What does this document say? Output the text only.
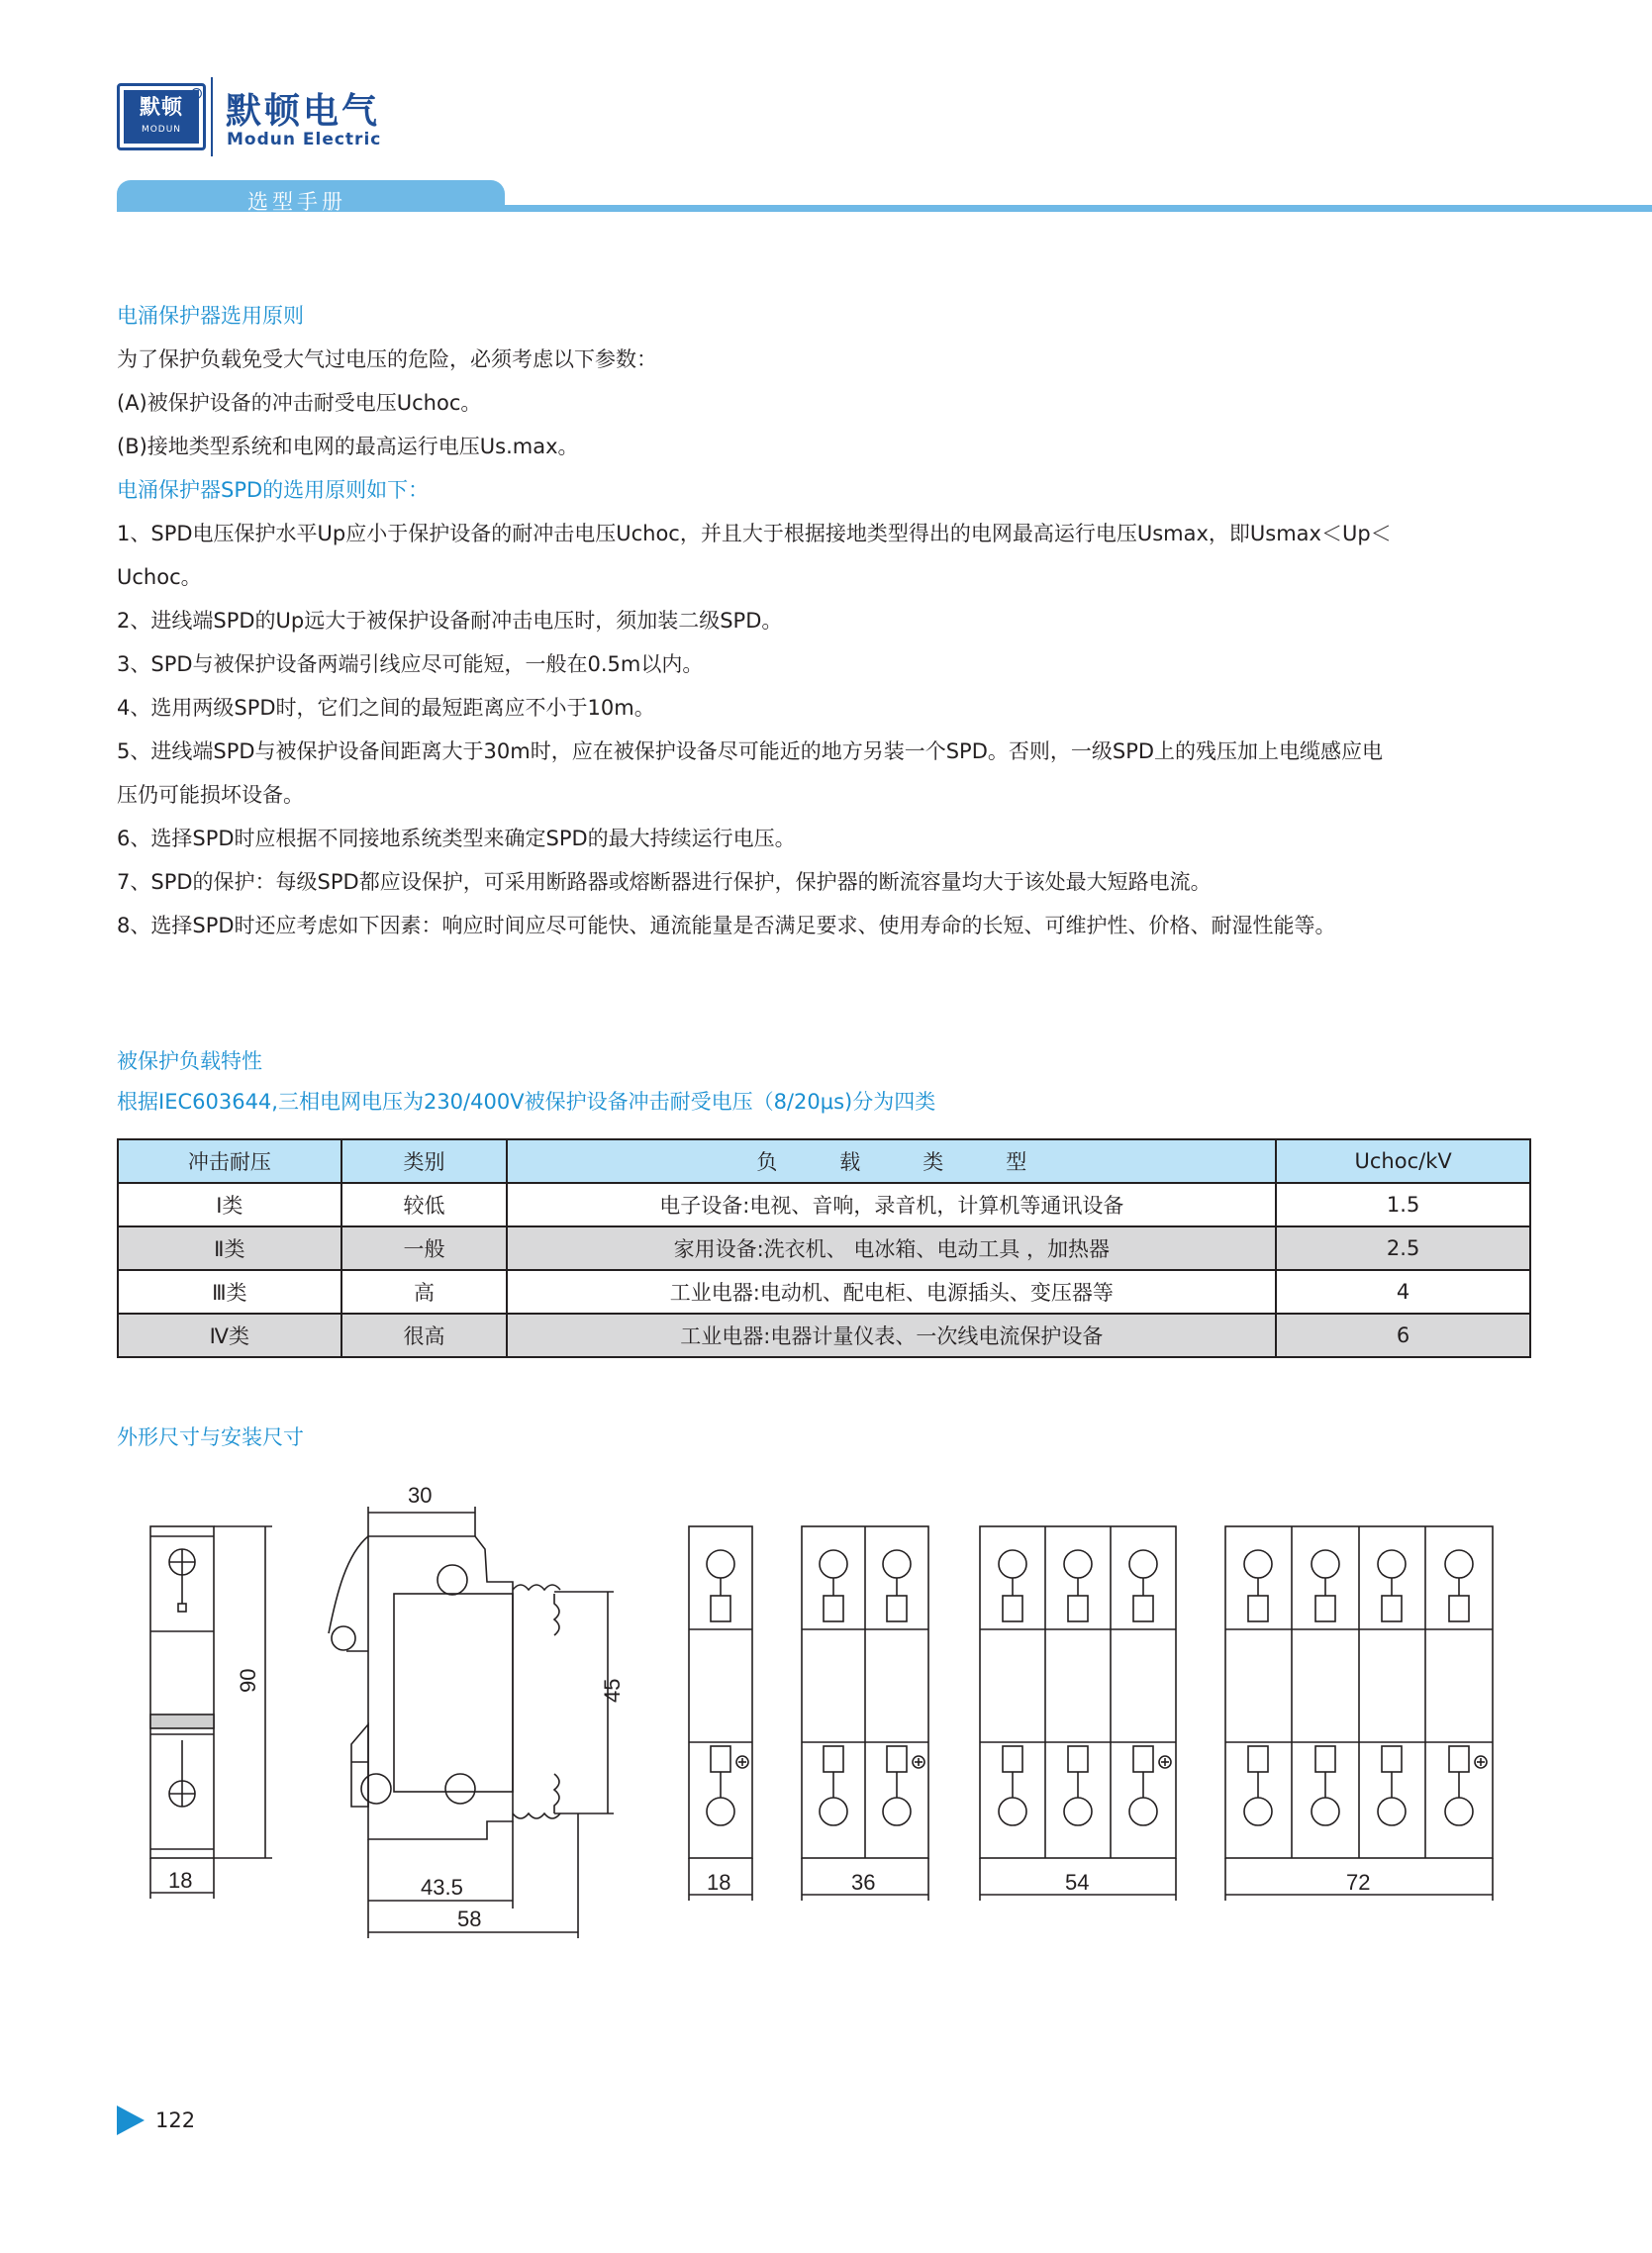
默顿
MODUN
® 默顿电气
Modun Electric
选型手册
电涌保护器选用原则
为了保护负载免受大气过电压的危险，必须考虑以下参数：
(A)被保护设备的冲击耐受电压Uchoc。
(B)接地类型系统和电网的最高运行电压Us.max。
电涌保护器SPD的选用原则如下：
1、SPD电压保护水平Up应小于保护设备的耐冲击电压Uchoc，并且大于根据接地类型得出的电网最高运行电压Usmax，即Usmax＜Up＜
Uchoc。
2、进线端SPD的Up远大于被保护设备耐冲击电压时，须加装二级SPD。
3、SPD与被保护设备两端引线应尽可能短，一般在0.5m以内。
4、选用两级SPD时，它们之间的最短距离应不小于10m。
5、进线端SPD与被保护设备间距离大于30m时，应在被保护设备尽可能近的地方另装一个SPD。否则，一级SPD上的残压加上电缆感应电
压仍可能损坏设备。
6、选择SPD时应根据不同接地系统类型来确定SPD的最大持续运行电压。
7、SPD的保护：每级SPD都应设保护，可采用断路器或熔断器进行保护，保护器的断流容量均大于该处最大短路电流。
8、选择SPD时还应考虑如下因素：响应时间应尽可能快、通流能量是否满足要求、使用寿命的长短、可维护性、价格、耐湿性能等。
被保护负载特性
根据IEC603644,三相电网电压为230/400V被保护设备冲击耐受电压（8/20μs)分为四类
冲击耐压	类别	负　　　载　　　类　　　型	Uchoc/kV
Ⅰ类	较低	电子设备:电视、音响，录音机，计算机等通讯设备	1.5
Ⅱ类	一般	家用设备:洗衣机、 电冰箱、电动工具 ，加热器	2.5
Ⅲ类	高	工业电器:电动机、配电柜、电源插头、变压器等	4
Ⅳ类	很高	工业电器:电器计量仪表、一次线电流保护设备	6
外形尺寸与安装尺寸
90
18
30
45
43.5
58
18	36	54	72
122
